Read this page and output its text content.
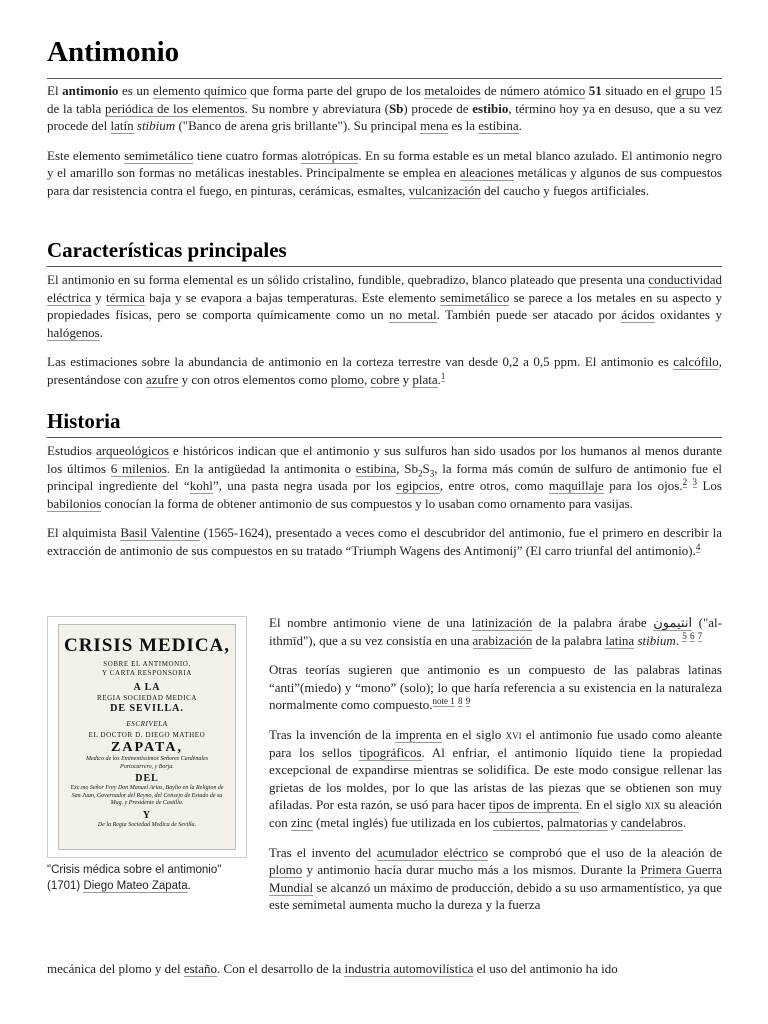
Antimonio

El antimonio es un elemento químico que forma parte del grupo de los metaloides de número atómico 51 situado en el grupo 15 de la tabla periódica de los elementos. Su nombre y abreviatura (Sb) procede de estibio, término hoy ya en desuso, que a su vez procede del latín stibium ("Banco de arena gris brillante"). Su principal mena es la estibina.

Este elemento semimetálico tiene cuatro formas alotrópicas. En su forma estable es un metal blanco azulado. El antimonio negro y el amarillo son formas no metálicas inestables. Principalmente se emplea en aleaciones metálicas y algunos de sus compuestos para dar resistencia contra el fuego, en pinturas, cerámicas, esmaltes, vulcanización del caucho y fuegos artificiales.

Características principales

El antimonio en su forma elemental es un sólido cristalino, fundible, quebradizo, blanco plateado que presenta una conductividad eléctrica y térmica baja y se evapora a bajas temperaturas. Este elemento semimetálico se parece a los metales en su aspecto y propiedades físicas, pero se comporta químicamente como un no metal. También puede ser atacado por ácidos oxidantes y halógenos.

Las estimaciones sobre la abundancia de antimonio en la corteza terrestre van desde 0,2 a 0,5 ppm. El antimonio es calcófilo, presentándose con azufre y con otros elementos como plomo, cobre y plata.$^1$

Historia

Estudios arqueológicos e históricos indican que el antimonio y sus sulfuros han sido usados por los humanos al menos durante los últimos 6 milenios. En la antigüedad la antimonita o estibina, $Sb_2S_3$, la forma más común de sulfuro de antimonio fue el principal ingrediente del “kohl”, una pasta negra usada por los egipcios, entre otros, como maquillaje para los ojos.$^2$ $^3$ Los babilonios conocían la forma de obtener antimonio de sus compuestos y lo usaban como ornamento para vasijas.

El alquimista Basil Valentine (1565-1624), presentado a veces como el descubridor del antimonio, fue el primero en describir la extracción de antimonio de sus compuestos en su tratado “Triumph Wagens des Antimonij” (El carro triunfal del antimonio).$^4$

CRISIS MEDICA,
SOBRE EL ANTIMONIO,
Y CARTA RESPONSORIA
A LA
REGIA SOCIEDAD MEDICA
DE SEVILLA.
ESCRIVELA
EL DOCTOR D. DIEGO MATHEO
ZAPATA,
Medico de los Eminentissimos Señores Cardenales Portocarrero, y Borja.
DEL
Exc.mo Señor Frey Don Manuel Arias, Baylio en la Religion de San Juan, Governador del Reyno, del Consejo de Estado de su Mag. y Presidente de Castilla.
Y
De la Regia Sociedad Medica de Sevilla.
"Crisis médica sobre el antimonio" (1701) Diego Mateo Zapata.

El nombre antimonio viene de una latinización de la palabra árabe انتيمون ("al-ithmīd"), que a su vez consistía en una arabización de la palabra latina stibium. $^5$ $^6$ $^7$

Otras teorías sugieren que antimonio es un compuesto de las palabras latinas “anti”(miedo) y “mono” (solo); lo que haría referencia a su existencia en la naturaleza normalmente como compuesto.$^{note 1}$ $^8$ $^9$

Tras la invención de la imprenta en el siglo xvi el antimonio fue usado como aleante para los sellos tipográficos. Al enfriar, el antimonio líquido tiene la propiedad excepcional de expandirse mientras se solidifica. De este modo consigue rellenar las grietas de los moldes, por lo que las aristas de las piezas que se obtienen son muy afiladas. Por esta razón, se usó para hacer tipos de imprenta. En el siglo xix su aleación con zinc (metal inglés) fue utilizada en los cubiertos, palmatorias y candelabros.

Tras el invento del acumulador eléctrico se comprobó que el uso de la aleación de plomo y antimonio hacía durar mucho más a los mismos. Durante la Primera Guerra Mundial se alcanzó un máximo de producción, debido a su uso armamentístico, ya que este semimetal aumenta mucho la dureza y la fuerza

mecánica del plomo y del estaño. Con el desarrollo de la industria automovilística el uso del antimonio ha ido
